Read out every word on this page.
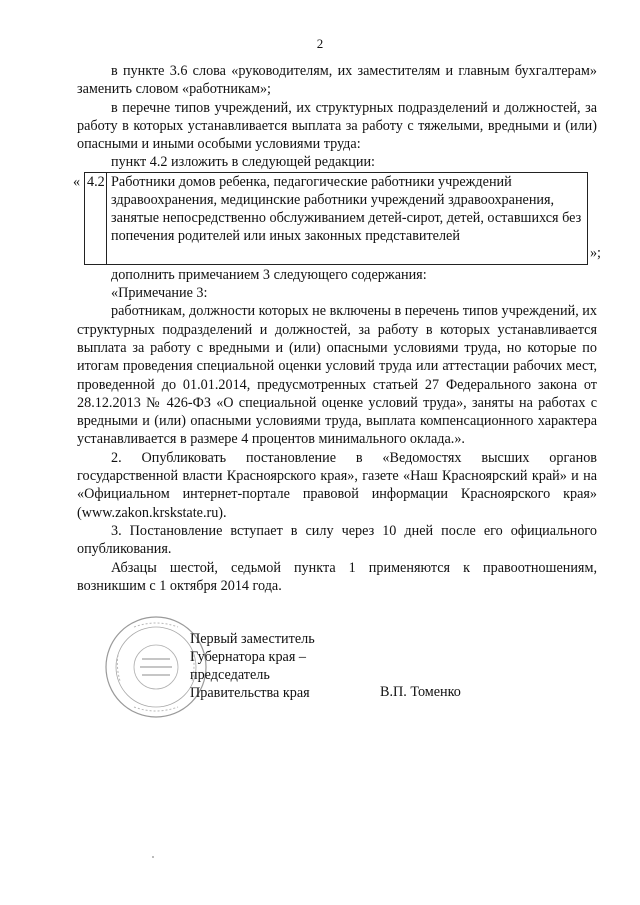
2

в пункте 3.6 слова «руководителям, их заместителям и главным бухгалтерам» заменить словом «работникам»;

в перечне типов учреждений, их структурных подразделений и должностей, за работу в которых устанавливается выплата за работу с тяжелыми, вредными и (или) опасными и иными особыми условиями труда:

пункт 4.2 изложить в следующей редакции:

« 4.2 Работники домов ребенка, педагогические работники учреждений здравоохранения, медицинские работники учреждений здравоохранения, занятые непосредственно обслуживанием детей-сирот, детей, оставшихся без попечения родителей или иных законных представителей
»;

дополнить примечанием 3 следующего содержания:

«Примечание 3:

работникам, должности которых не включены в перечень типов учреждений, их структурных подразделений и должностей, за работу в которых устанавливается выплата за работу с вредными и (или) опасными условиями труда, но которые по итогам проведения специальной оценки условий труда или аттестации рабочих мест, проведенной до 01.01.2014, предусмотренных статьей 27 Федерального закона от 28.12.2013 № 426-ФЗ «О специальной оценке условий труда», заняты на работах с вредными и (или) опасными условиями труда, выплата компенсационного характера устанавливается в размере 4 процентов минимального оклада.».

2. Опубликовать постановление в «Ведомостях высших органов государственной власти Красноярского края», газете «Наш Красноярский край» и на «Официальном интернет-портале правовой информации Красноярского края» (www.zakon.krskstate.ru).

3. Постановление вступает в силу через 10 дней после его официального опубликования.

Абзацы шестой, седьмой пункта 1 применяются к правоотношениям, возникшим с 1 октября 2014 года.

Первый заместитель
Губернатора края –
председатель
Правительства края	В.П. Томенко
